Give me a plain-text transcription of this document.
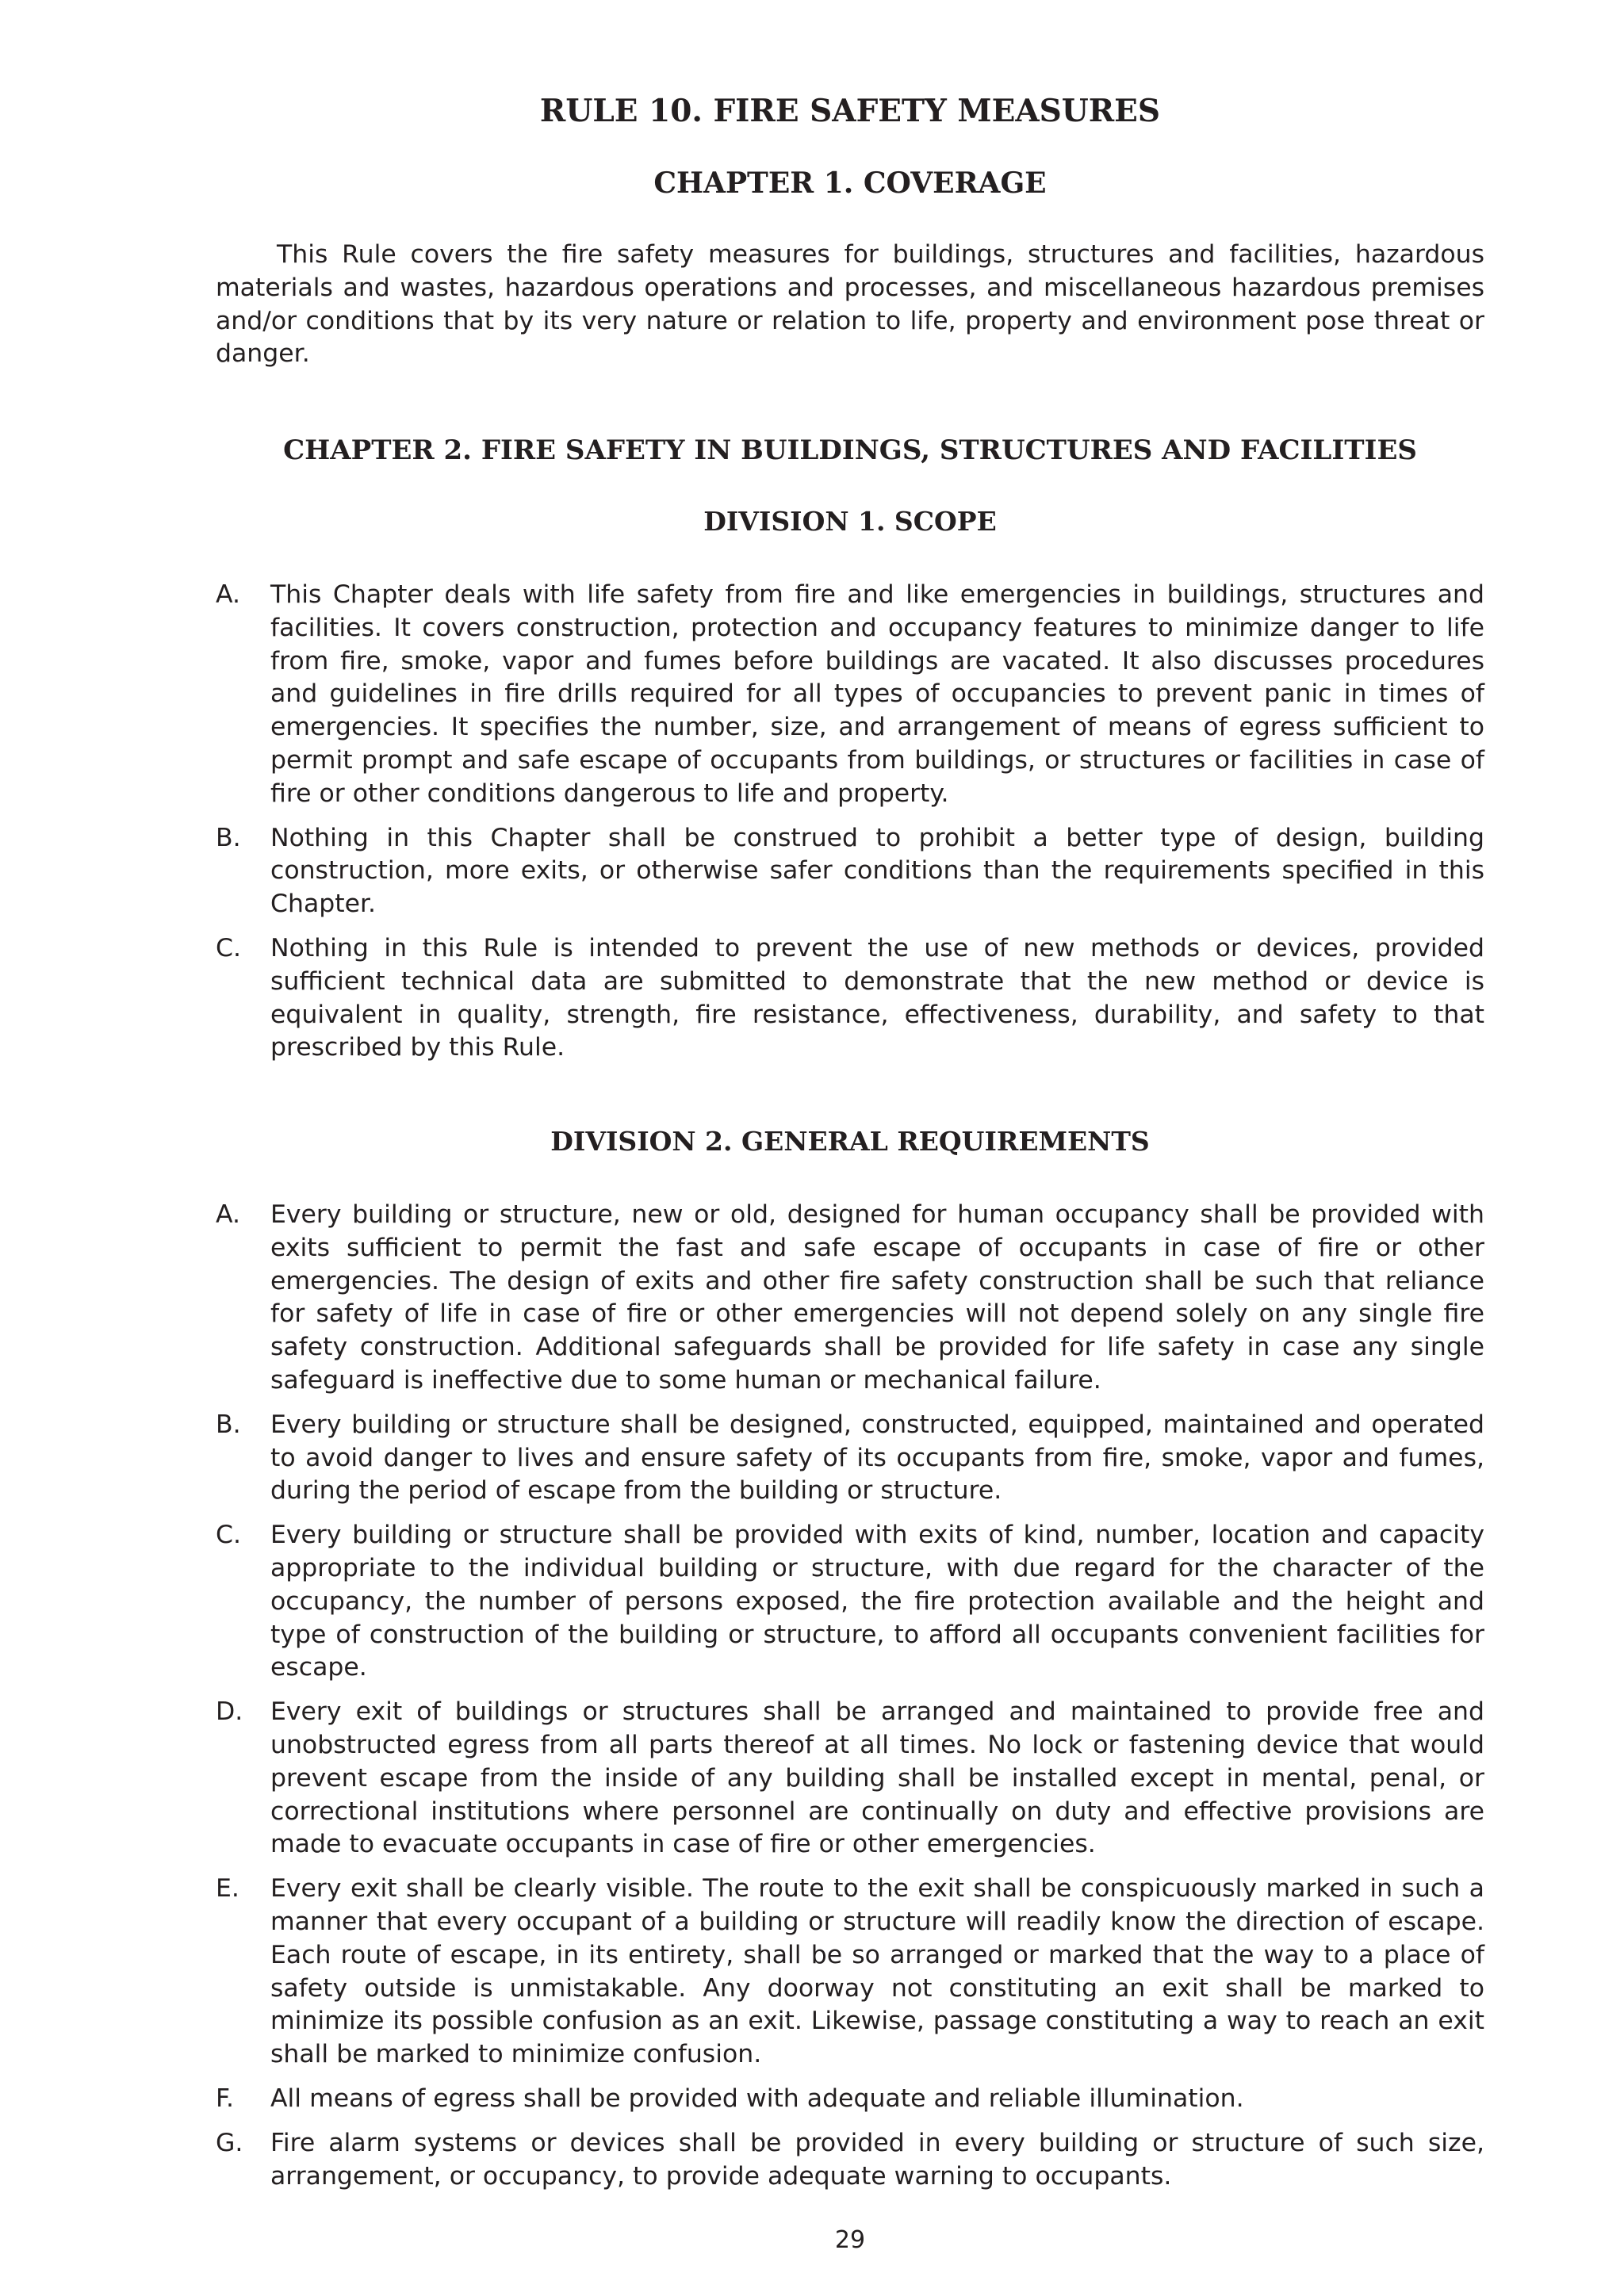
RULE 10. FIRE SAFETY MEASURES
CHAPTER 1. COVERAGE

This Rule covers the fire safety measures for buildings, structures and facilities, hazardous materials and wastes, hazardous operations and processes, and miscellaneous hazardous premises and/or conditions that by its very nature or relation to life, property and environment pose threat or danger.

CHAPTER 2. FIRE SAFETY IN BUILDINGS, STRUCTURES AND FACILITIES
DIVISION 1. SCOPE
A. This Chapter deals with life safety from fire and like emergencies in buildings, structures and facilities. It covers construction, protection and occupancy features to minimize danger to life from fire, smoke, vapor and fumes before buildings are vacated. It also discusses procedures and guidelines in fire drills required for all types of occupancies to prevent panic in times of emergencies. It specifies the number, size, and arrangement of means of egress sufficient to permit prompt and safe escape of occupants from buildings, or structures or facilities in case of fire or other conditions dangerous to life and property.

B. Nothing in this Chapter shall be construed to prohibit a better type of design, building construction, more exits, or otherwise safer conditions than the requirements specified in this Chapter.

C. Nothing in this Rule is intended to prevent the use of new methods or devices, provided sufficient technical data are submitted to demonstrate that the new method or device is equivalent in quality, strength, fire resistance, effectiveness, durability, and safety to that prescribed by this Rule.

DIVISION 2. GENERAL REQUIREMENTS
A. Every building or structure, new or old, designed for human occupancy shall be provided with exits sufficient to permit the fast and safe escape of occupants in case of fire or other emergencies. The design of exits and other fire safety construction shall be such that reliance for safety of life in case of fire or other emergencies will not depend solely on any single fire safety construction. Additional safeguards shall be provided for life safety in case any single safeguard is ineffective due to some human or mechanical failure.

B. Every building or structure shall be designed, constructed, equipped, maintained and operated to avoid danger to lives and ensure safety of its occupants from fire, smoke, vapor and fumes, during the period of escape from the building or structure.

C. Every building or structure shall be provided with exits of kind, number, location and capacity appropriate to the individual building or structure, with due regard for the character of the occupancy, the number of persons exposed, the fire protection available and the height and type of construction of the building or structure, to afford all occupants convenient facilities for escape.

D. Every exit of buildings or structures shall be arranged and maintained to provide free and unobstructed egress from all parts thereof at all times. No lock or fastening device that would prevent escape from the inside of any building shall be installed except in mental, penal, or correctional institutions where personnel are continually on duty and effective provisions are made to evacuate occupants in case of fire or other emergencies.

E. Every exit shall be clearly visible. The route to the exit shall be conspicuously marked in such a manner that every occupant of a building or structure will readily know the direction of escape. Each route of escape, in its entirety, shall be so arranged or marked that the way to a place of safety outside is unmistakable. Any doorway not constituting an exit shall be marked to minimize its possible confusion as an exit. Likewise, passage constituting a way to reach an exit shall be marked to minimize confusion.

F. All means of egress shall be provided with adequate and reliable illumination.

G. Fire alarm systems or devices shall be provided in every building or structure of such size, arrangement, or occupancy, to provide adequate warning to occupants.

29
